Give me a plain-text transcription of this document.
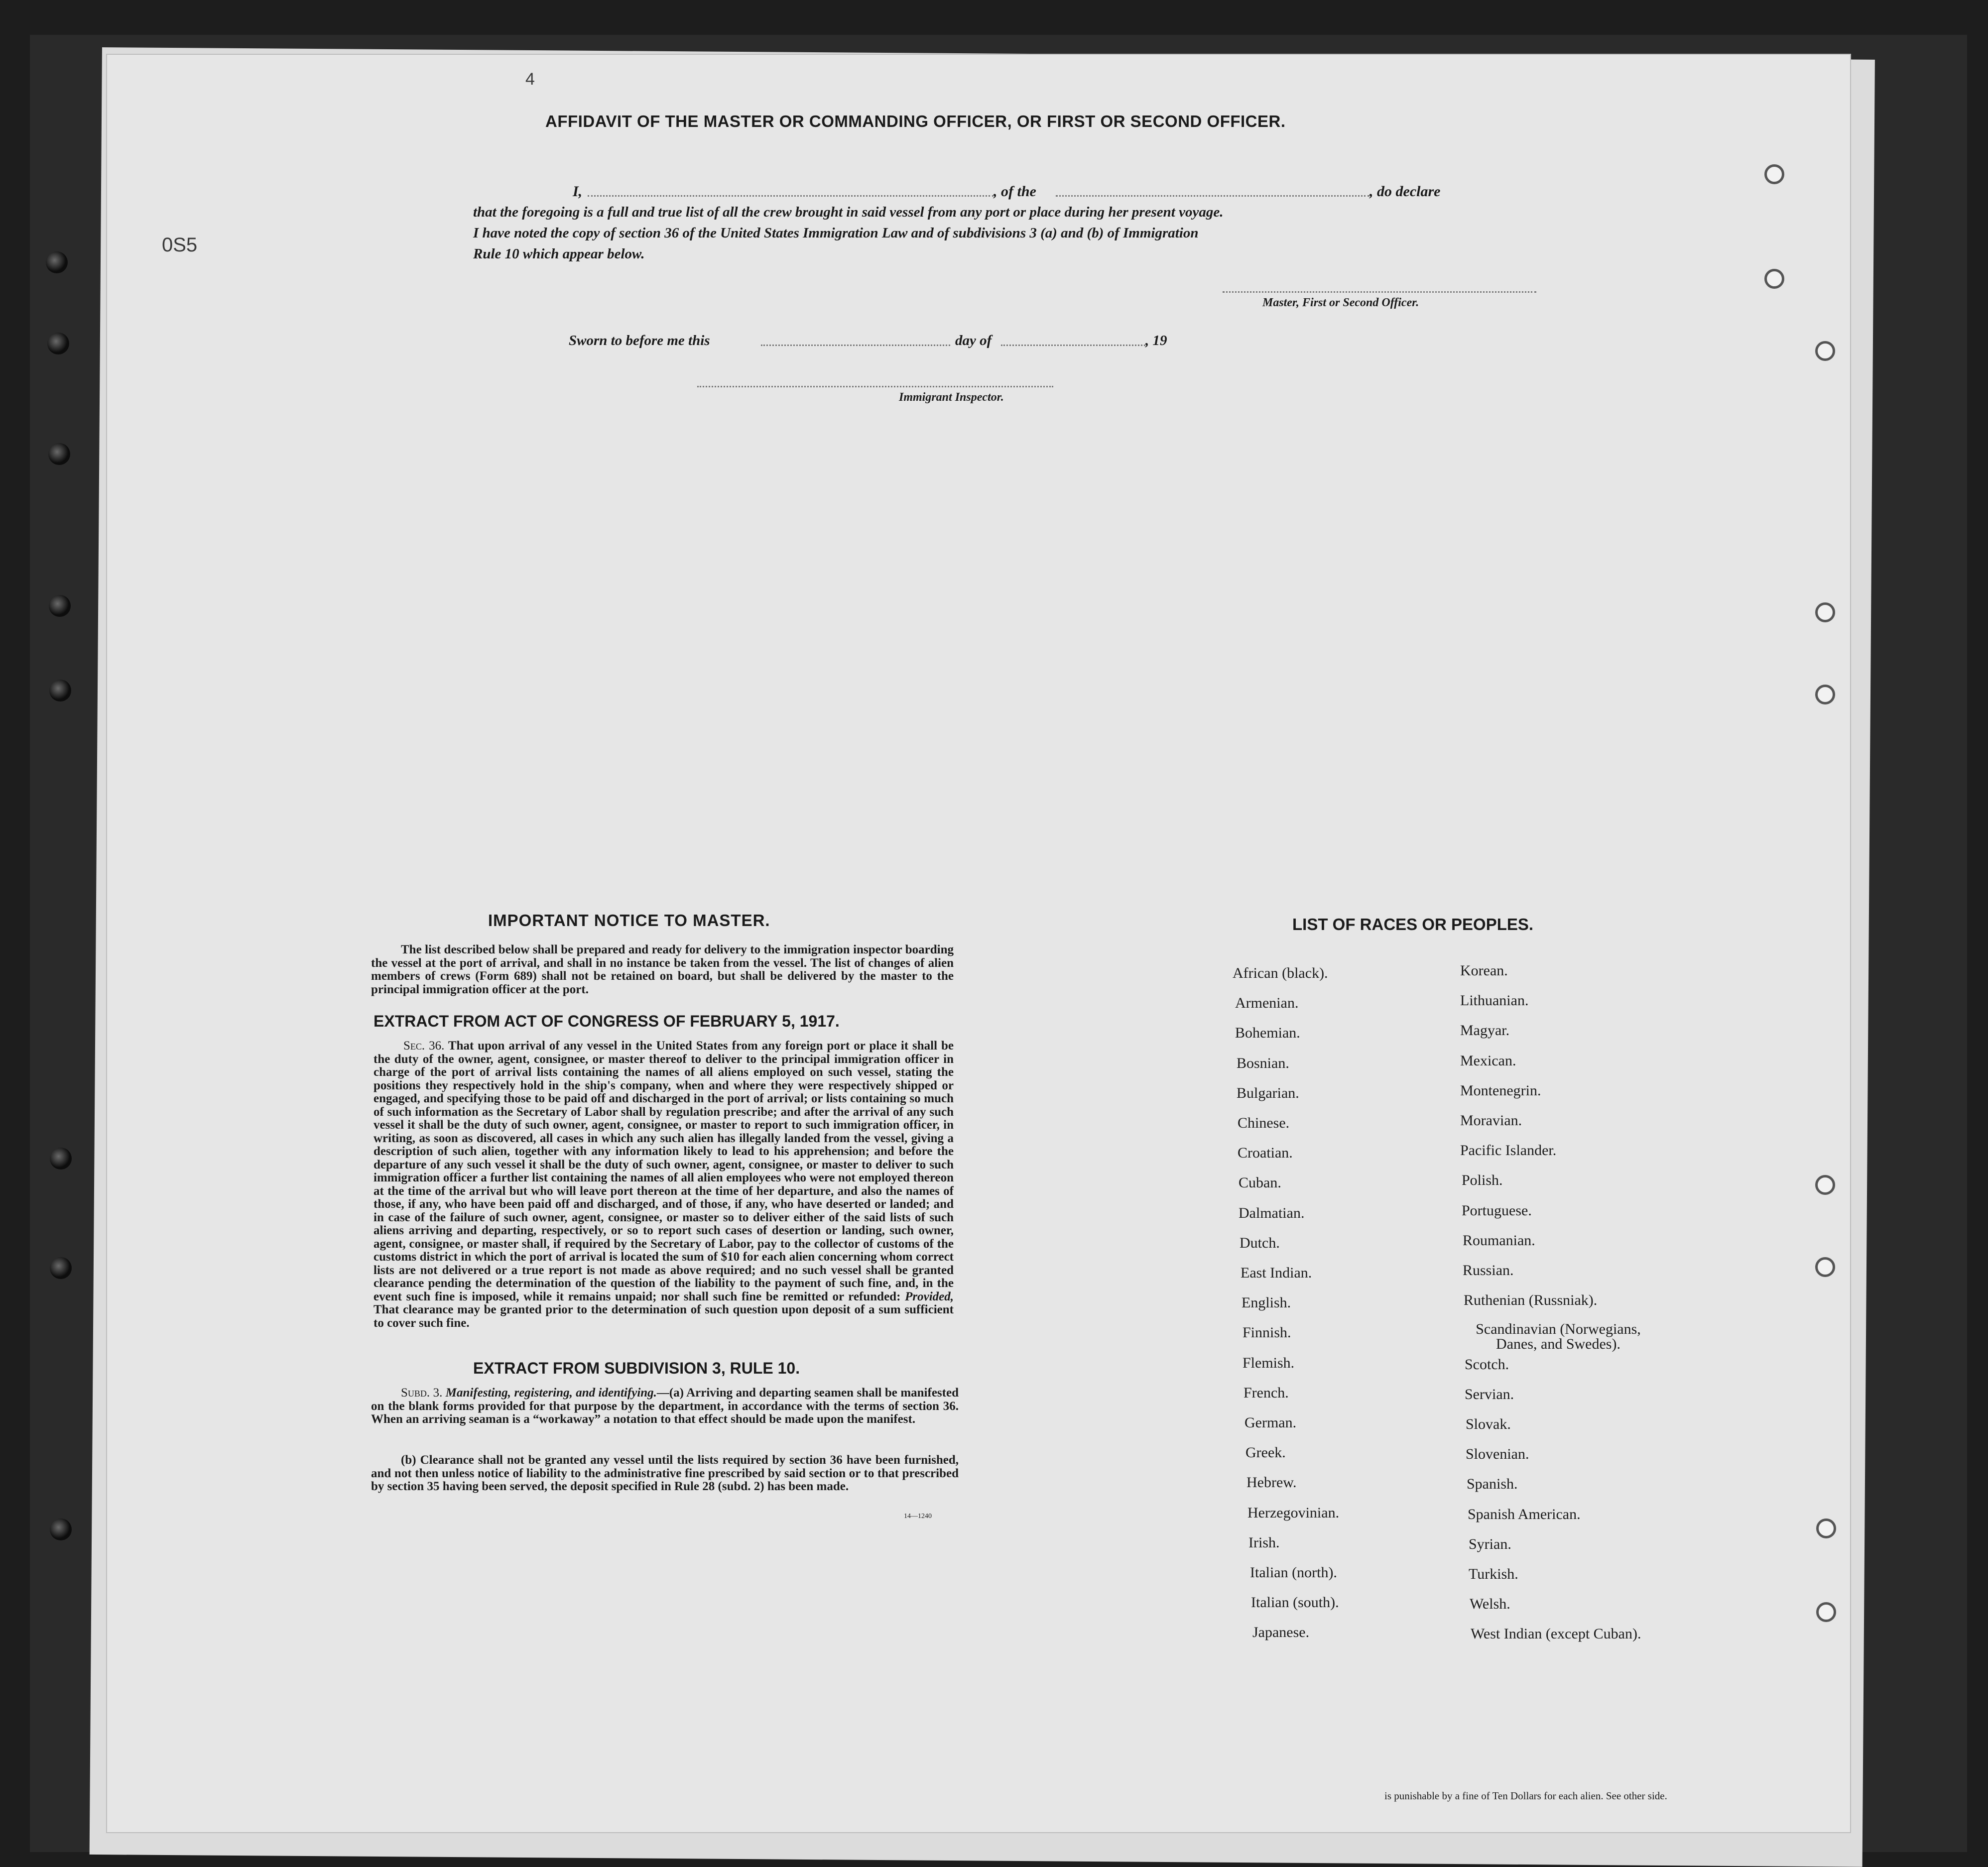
0S5
4
AFFIDAVIT OF THE MASTER OR COMMANDING OFFICER, OR FIRST OR SECOND OFFICER.
I,	, of the	, do declare
that the foregoing is a full and true list of all the crew brought in said vessel from any port or place during her present voyage.
I have noted the copy of section 36 of the United States Immigration Law and of subdivisions 3 (a) and (b) of Immigration
Rule 10 which appear below.
Master, First or Second Officer.
Sworn to before me this	day of	, 19
Immigrant Inspector.
IMPORTANT NOTICE TO MASTER.
The list described below shall be prepared and ready for delivery to the immigration inspector boarding the vessel at the port of arrival, and shall in no instance be taken from the vessel. The list of changes of alien members of crews (Form 689) shall not be retained on board, but shall be delivered by the master to the principal immigration officer at the port.
EXTRACT FROM ACT OF CONGRESS OF FEBRUARY 5, 1917.
Sec. 36. That upon arrival of any vessel in the United States from any foreign port or place it shall be the duty of the owner, agent, consignee, or master thereof to deliver to the principal immigration officer in charge of the port of arrival lists containing the names of all aliens employed on such vessel, stating the positions they respectively hold in the ship's company, when and where they were respectively shipped or engaged, and specifying those to be paid off and discharged in the port of arrival; or lists containing so much of such information as the Secretary of Labor shall by regulation prescribe; and after the arrival of any such vessel it shall be the duty of such owner, agent, consignee, or master to report to such immigration officer, in writing, as soon as discovered, all cases in which any such alien has illegally landed from the vessel, giving a description of such alien, together with any information likely to lead to his apprehension; and before the departure of any such vessel it shall be the duty of such owner, agent, consignee, or master to deliver to such immigration officer a further list containing the names of all alien employees who were not employed thereon at the time of the arrival but who will leave port thereon at the time of her departure, and also the names of those, if any, who have been paid off and discharged, and of those, if any, who have deserted or landed; and in case of the failure of such owner, agent, consignee, or master so to deliver either of the said lists of such aliens arriving and departing, respectively, or so to report such cases of desertion or landing, such owner, agent, consignee, or master shall, if required by the Secretary of Labor, pay to the collector of customs of the customs district in which the port of arrival is located the sum of $10 for each alien concerning whom correct lists are not delivered or a true report is not made as above required; and no such vessel shall be granted clearance pending the determination of the question of the liability to the payment of such fine, and, in the event such fine is imposed, while it remains unpaid; nor shall such fine be remitted or refunded: Provided, That clearance may be granted prior to the determination of such question upon deposit of a sum sufficient to cover such fine.
EXTRACT FROM SUBDIVISION 3, RULE 10.
Subd. 3. Manifesting, registering, and identifying.—(a) Arriving and departing seamen shall be manifested on the blank forms provided for that purpose by the department, in accordance with the terms of section 36. When an arriving seaman is a “workaway” a notation to that effect should be made upon the manifest.
(b) Clearance shall not be granted any vessel until the lists required by section 36 have been furnished, and not then unless notice of liability to the administrative fine prescribed by said section or to that prescribed by section 35 having been served, the deposit specified in Rule 28 (subd. 2) has been made.
14—1240
LIST OF RACES OR PEOPLES.
is punishable by a fine of Ten Dollars for each alien. See other side.
African (black).
Armenian.
Bohemian.
Bosnian.
Bulgarian.
Chinese.
Croatian.
Cuban.
Dalmatian.
Dutch.
East Indian.
English.
Finnish.
Flemish.
French.
German.
Greek.
Hebrew.
Herzegovinian.
Irish.
Italian (north).
Italian (south).
Japanese.
Korean.
Lithuanian.
Magyar.
Mexican.
Montenegrin.
Moravian.
Pacific Islander.
Polish.
Portuguese.
Roumanian.
Russian.
Ruthenian (Russniak).
Scandinavian (Norwegians, Danes, and Swedes).
Scotch.
Servian.
Slovak.
Slovenian.
Spanish.
Spanish American.
Syrian.
Turkish.
Welsh.
West Indian (except Cuban).
